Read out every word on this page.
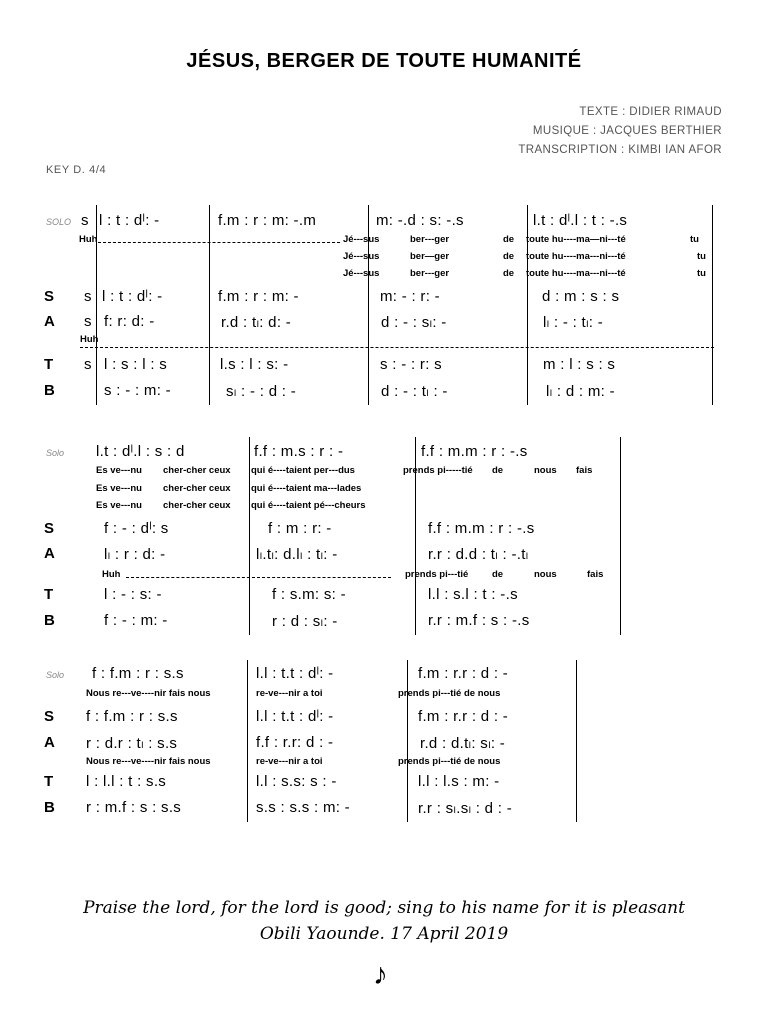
JÉSUS, BERGER DE TOUTE HUMANITÉ
TEXTE : DIDIER RIMAUD
MUSIQUE : JACQUES BERTHIER
TRANSCRIPTION : KIMBI IAN AFOR
KEY D. 4/4
SOLO s l : t : dˡ: -	f.m : r : m: -.m	m: -.d : s: -.s	l.t : dˡ.l : t : -.s
Huh	Jé---sus	ber---ger	de toute hu----ma—ni---té	tu
Jé---sus	ber—ger	de toute hu----ma---ni---té	tu
Jé---sus	ber---ger	de toute hu----ma---ni---té	tu
S s l : t : dˡ: -	f.m : r : m: -	m: - : r: -	d : m : s : s
A s f: r: d: -	r.d : tₗ: d: -	d : - : sₗ: -	lₗ : - : tₗ: -
Huh
T s l : s : l : s	l.s : l : s: -	s : - : r: s	m : l : s : s
B	s : - : m: -	sₗ : - : d : -	d : - : tₗ : -	lₗ : d : m: -
Solo l.t : dˡ.l : s : d	f.f : m.s : r : -	f.f : m.m : r : -.s
Es ve---nu cher-cher ceux qui é----taient per---dus	prends pi-----tié de	nous fais
Es ve---nu cher-cher ceux qui é----taient ma---lades
Es ve---nu cher-cher ceux qui é----taient pé---cheurs
S	f : - : dˡ: s	f : m : r: -	f.f : m.m : r : -.s
A	lₗ : r : d: -	lₗ.tₗ: d.lₗ : tₗ: -	r.r : d.d : tₗ : -.tₗ
Huh	prends pi---tié de	nous	fais
T	l : - : s: -	f : s.m: s: -	l.l : s.l : t : -.s
B	f : - : m: -	r : d : sₗ: -	r.r : m.f : s : -.s
Solo f : f.m : r : s.s	l.l : t.t : dˡ: -	f.m : r.r : d : -
Nous re---ve----nir fais nous	re-ve---nir a toi	prends pi---tié de nous
S f : f.m : r : s.s	l.l : t.t : dˡ: -	f.m : r.r : d : -
A r : d.r : tₗ : s.s	f.f : r.r: d : -	r.d : d.tₗ: sₗ: -
Nous re---ve----nir fais nous	re-ve---nir a toi	prends pi---tié de nous
T l : l.l : t : s.s	l.l : s.s: s : -	l.l : l.s : m: -
B r : m.f : s : s.s	s.s : s.s : m: -	r.r : sₗ.sₗ : d : -
Praise the lord, for the lord is good; sing to his name for it is pleasant
Obili Yaounde. 17 April 2019
♪
